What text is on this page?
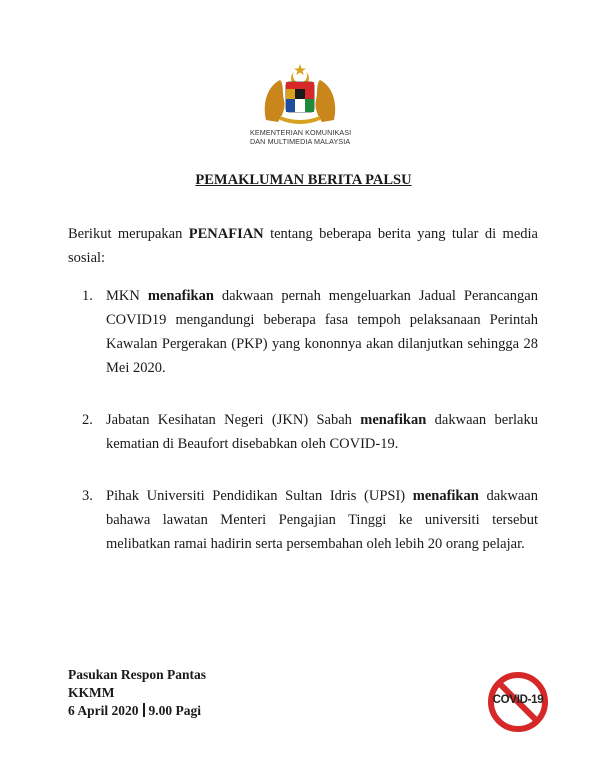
KEMENTERIAN KOMUNIKASI
DAN MULTIMEDIA MALAYSIA
PEMAKLUMAN BERITA PALSU
Berikut merupakan PENAFIAN tentang beberapa berita yang tular di media sosial:
1. MKN menafikan dakwaan pernah mengeluarkan Jadual Perancangan COVID19 mengandungi beberapa fasa tempoh pelaksanaan Perintah Kawalan Pergerakan (PKP) yang kononnya akan dilanjutkan sehingga 28 Mei 2020.
2. Jabatan Kesihatan Negeri (JKN) Sabah menafikan dakwaan berlaku kematian di Beaufort disebabkan oleh COVID-19.
3. Pihak Universiti Pendidikan Sultan Idris (UPSI) menafikan dakwaan bahawa lawatan Menteri Pengajian Tinggi ke universiti tersebut melibatkan ramai hadirin serta persembahan oleh lebih 20 orang pelajar.
Pasukan Respon Pantas
KKMM
6 April 2020 9.00 Pagi
COVID-19
